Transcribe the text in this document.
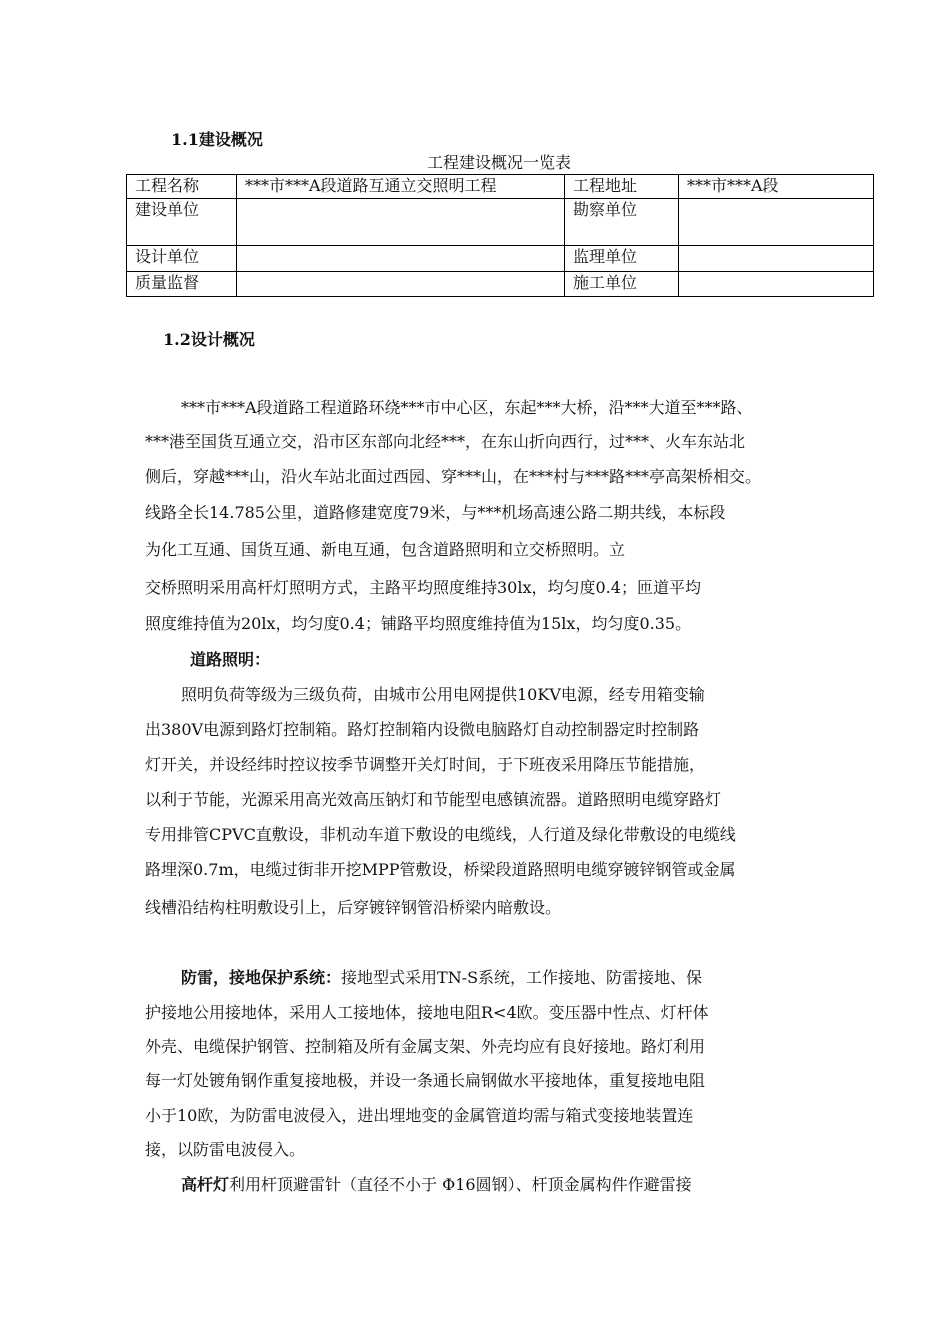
1.1建设概况
工程建设概况一览表
工程名称	***市***A段道路互通立交照明工程	工程地址	***市***A段
建设单位		勘察单位	
设计单位		监理单位	
质量监督		施工单位	
1.2设计概况
***市***A段道路工程道路环绕***市中心区，东起***大桥，沿***大道至***路、
***港至国货互通立交，沿市区东部向北经***，在东山折向西行，过***、火车东站北
侧后，穿越***山，沿火车站北面过西园、穿***山，在***村与***路***亭高架桥相交。
线路全长14.785公里，道路修建宽度79米，与***机场高速公路二期共线，本标段
为化工互通、国货互通、新电互通，包含道路照明和立交桥照明。立
交桥照明采用高杆灯照明方式，主路平均照度维持30lx，均匀度0.4；匝道平均
照度维持值为20lx，均匀度0.4；铺路平均照度维持值为15lx，均匀度0.35。
道路照明：
照明负荷等级为三级负荷，由城市公用电网提供10KV电源，经专用箱变输
出380V电源到路灯控制箱。路灯控制箱内设微电脑路灯自动控制器定时控制路
灯开关，并设经纬时控议按季节调整开关灯时间，于下班夜采用降压节能措施，
以利于节能，光源采用高光效高压钠灯和节能型电感镇流器。道路照明电缆穿路灯
专用排管CPVC直敷设，非机动车道下敷设的电缆线，人行道及绿化带敷设的电缆线
路埋深0.7m，电缆过街非开挖MPP管敷设，桥梁段道路照明电缆穿镀锌钢管或金属
线槽沿结构柱明敷设引上，后穿镀锌钢管沿桥梁内暗敷设。
防雷，接地保护系统：接地型式采用TN-S系统，工作接地、防雷接地、保
护接地公用接地体，采用人工接地体，接地电阻R<4欧。变压器中性点、灯杆体
外壳、电缆保护钢管、控制箱及所有金属支架、外壳均应有良好接地。路灯利用
每一灯处镀角钢作重复接地极，并设一条通长扁钢做水平接地体，重复接地电阻
小于10欧，为防雷电波侵入，进出埋地变的金属管道均需与箱式变接地装置连
接，以防雷电波侵入。
高杆灯利用杆顶避雷针（直径不小于 Φ16圆钢）、杆顶金属构件作避雷接
